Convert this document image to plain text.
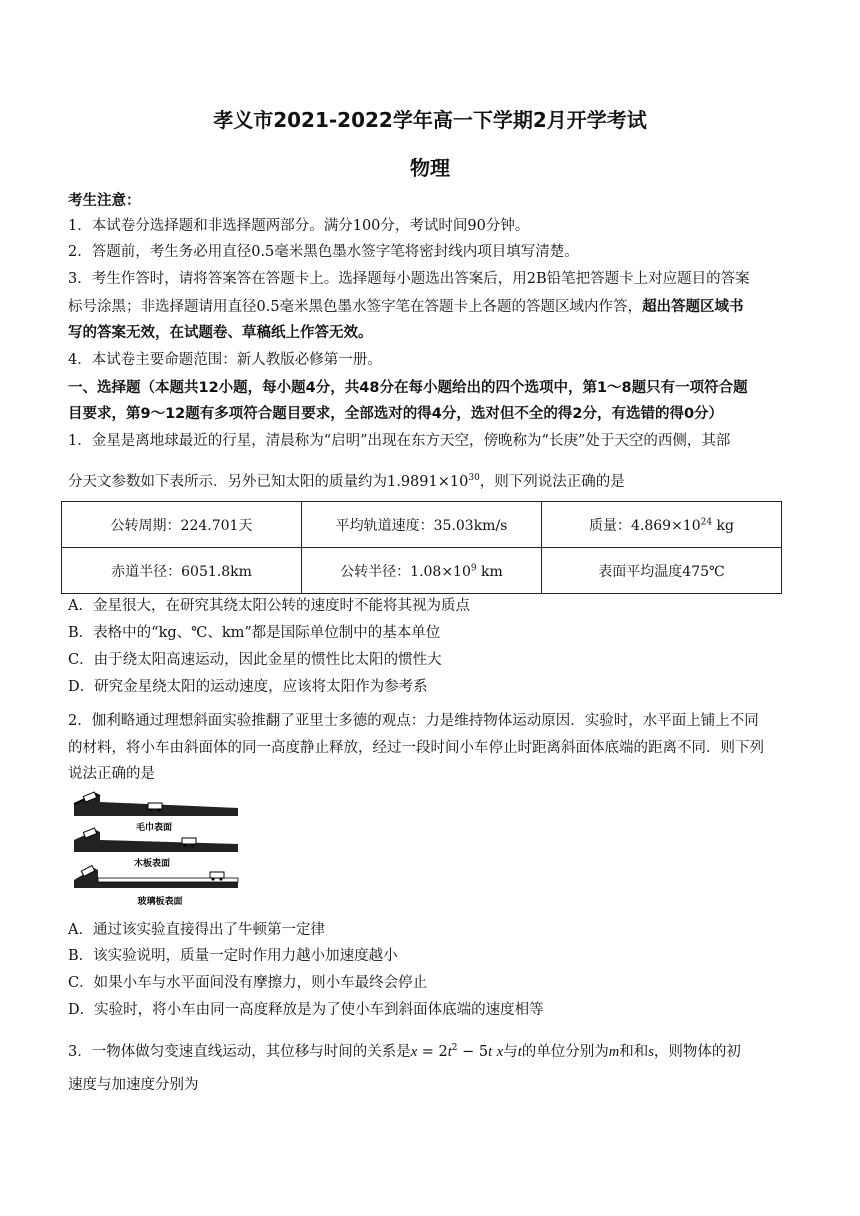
孝义市2021-2022学年高一下学期2月开学考试
物理
考生注意：
1．本试卷分选择题和非选择题两部分。满分100分，考试时间90分钟。
2．答题前，考生务必用直径0.5毫米黑色墨水签字笔将密封线内项目填写清楚。
3．考生作答时，请将答案答在答题卡上。选择题每小题选出答案后，用2B铅笔把答题卡上对应题目的答案
标号涂黑；非选择题请用直径0.5毫米黑色墨水签字笔在答题卡上各题的答题区域内作答，超出答题区域书
写的答案无效，在试题卷、草稿纸上作答无效。
4．本试卷主要命题范围：新人教版必修第一册。
一、选择题（本题共12小题，每小题4分，共48分在每小题给出的四个选项中，第1～8题只有一项符合题
目要求，第9～12题有多项符合题目要求，全部选对的得4分，选对但不全的得2分，有选错的得0分）
1．金星是离地球最近的行星，清晨称为“启明”出现在东方天空，傍晚称为“长庚”处于天空的西侧，其部
分天文参数如下表所示．另外已知太阳的质量约为$1.9891\times 10^{30}$，则下列说法正确的是
公转周期：224.701天	平均轨道速度：35.03km/s	质量：$4.869\times 10^{24}$ kg
赤道半径：6051.8km	公转半径：$1.08\times 10^9$ km	表面平均温度475℃
A．金星很大，在研究其绕太阳公转的速度时不能将其视为质点
B．表格中的“kg、℃、km”都是国际单位制中的基本单位
C．由于绕太阳高速运动，因此金星的惯性比太阳的惯性大
D．研究金星绕太阳的运动速度，应该将太阳作为参考系
2．伽利略通过理想斜面实验推翻了亚里士多德的观点：力是维持物体运动原因．实验时，水平面上铺上不同
的材料，将小车由斜面体的同一高度静止释放，经过一段时间小车停止时距离斜面体底端的距离不同．则下列
说法正确的是
毛巾表面
木板表面
玻璃板表面
A．通过该实验直接得出了牛顿第一定律
B．该实验说明，质量一定时作用力越小加速度越小
C．如果小车与水平面间没有摩擦力，则小车最终会停止
D．实验时，将小车由同一高度释放是为了使小车到斜面体底端的速度相等
3．一物体做匀变速直线运动，其位移与时间的关系是$x = 2t^2 - 5t$ x与t的单位分别为m和和s，则物体的初
速度与加速度分别为
